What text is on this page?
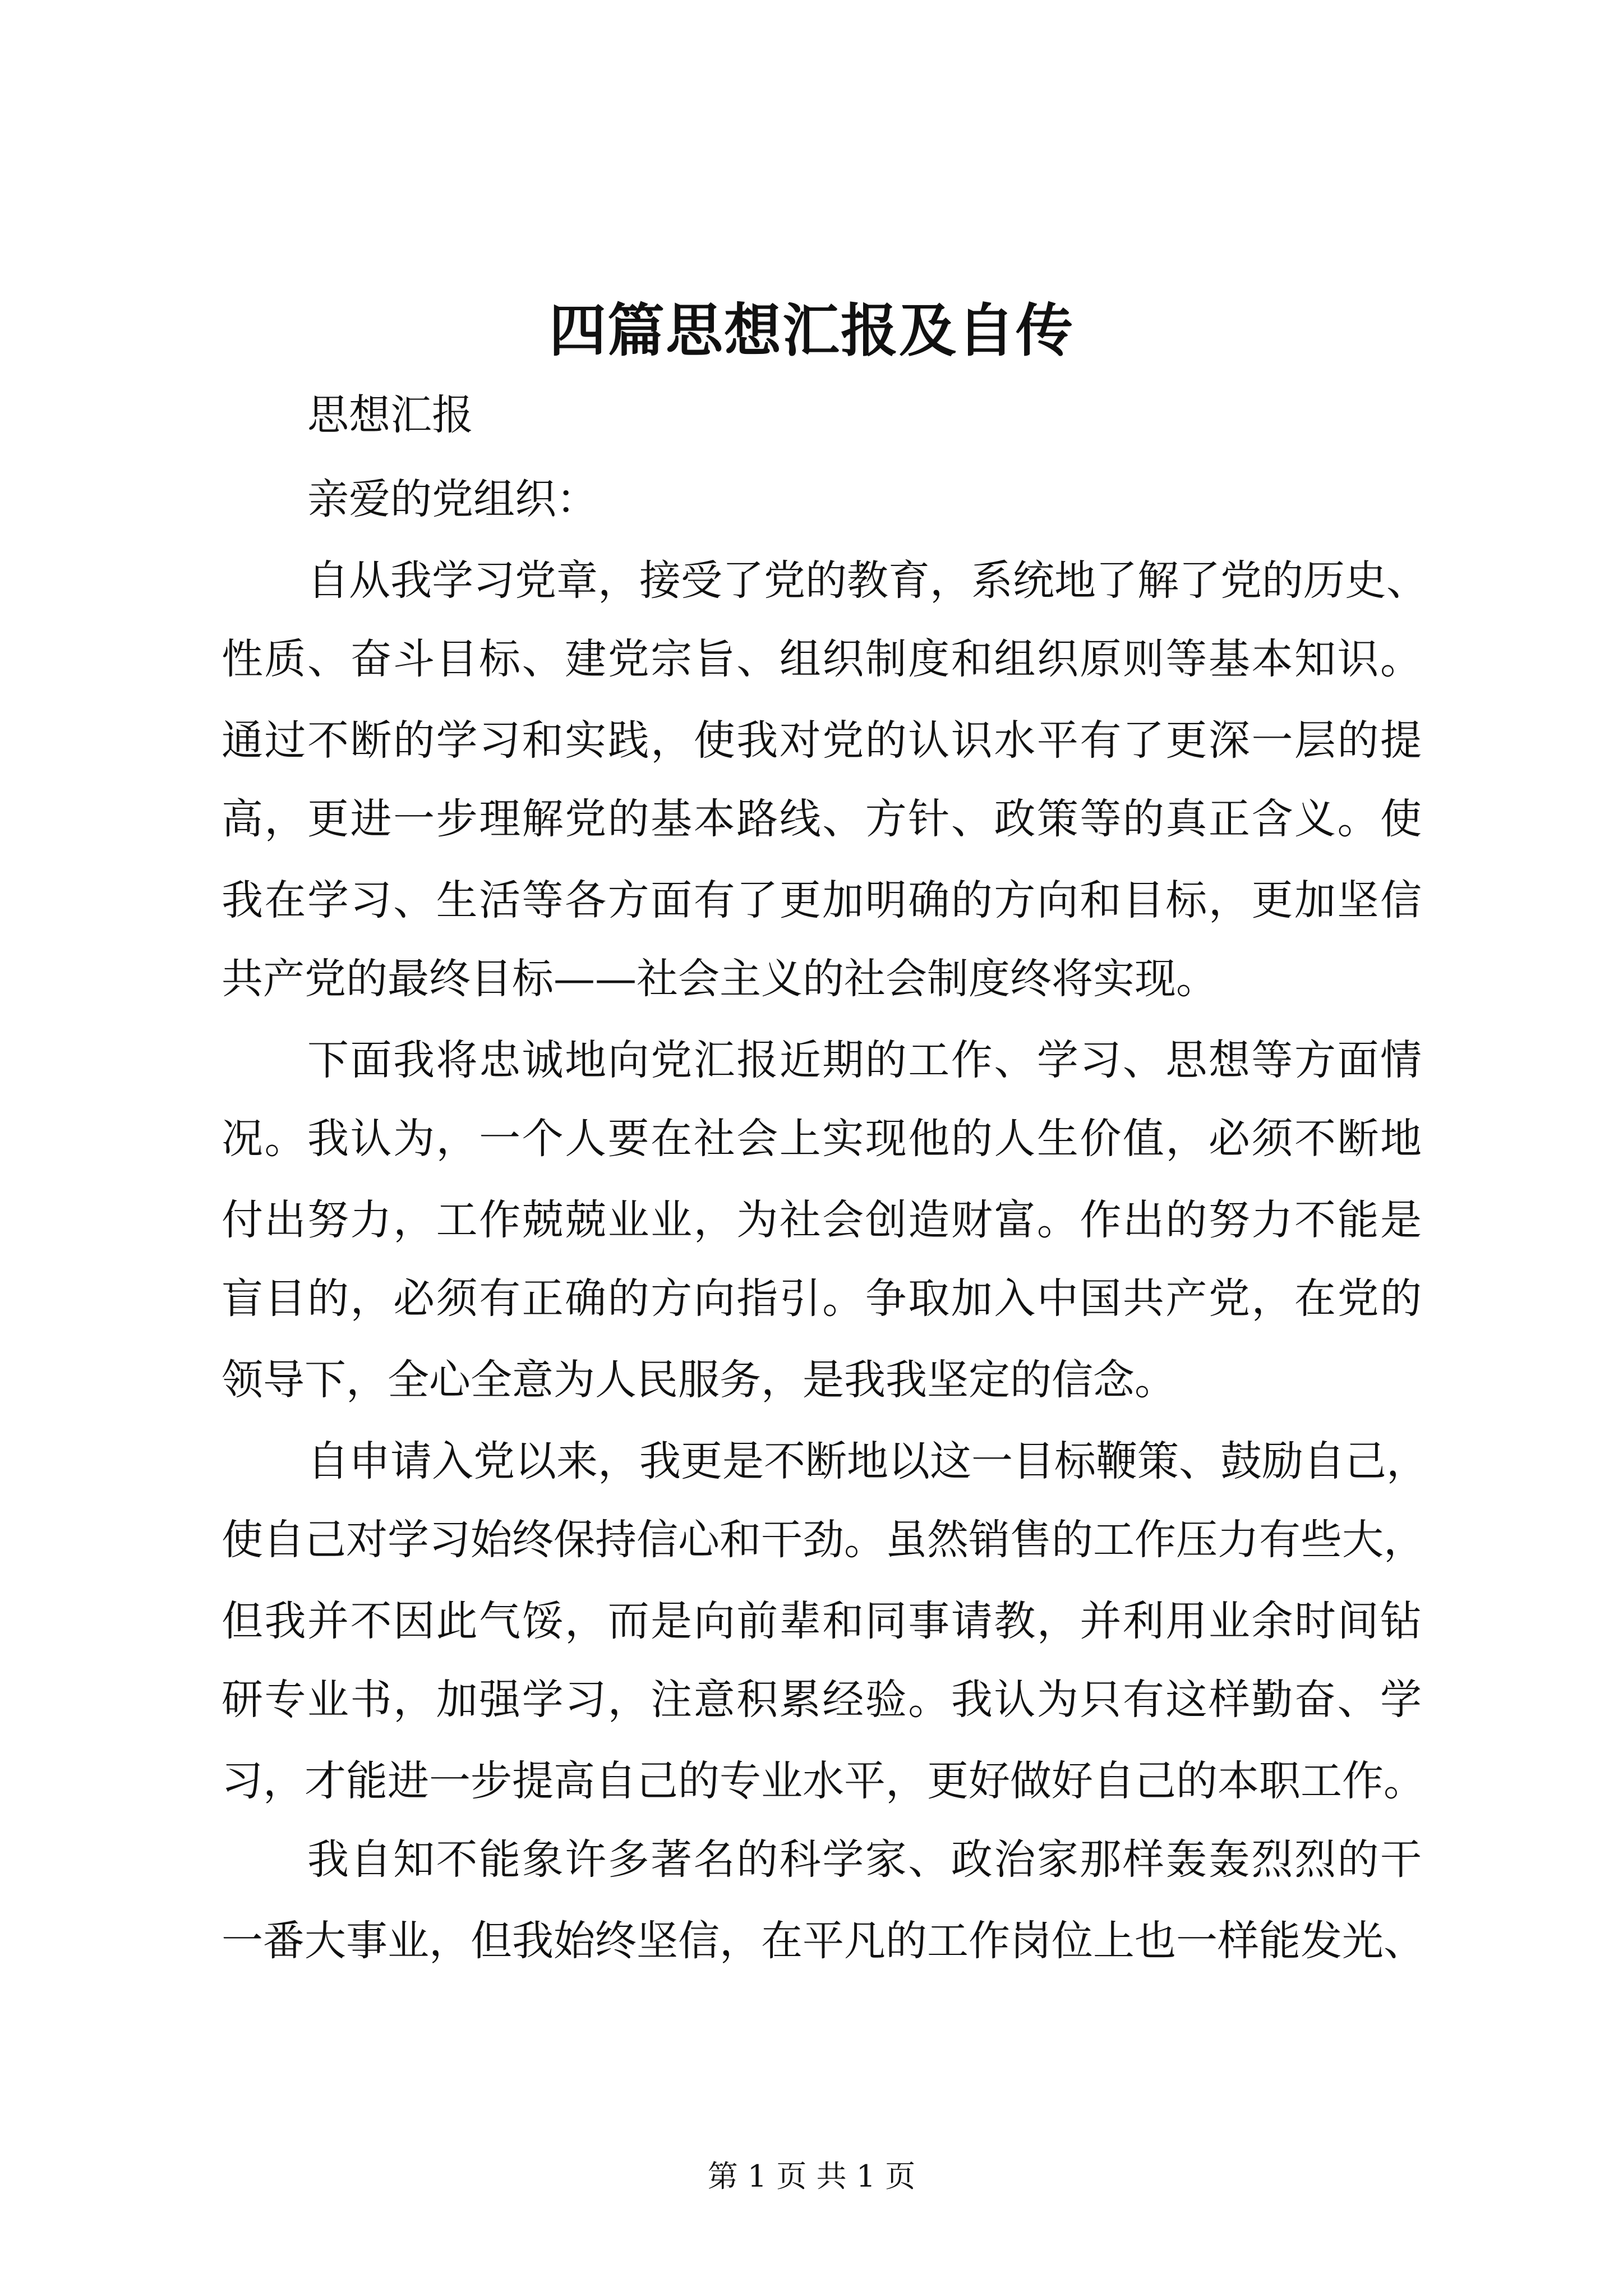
四篇思想汇报及自传
思想汇报
亲爱的党组织：
自从我学习党章，接受了党的教育，系统地了解了党的历史、
性质、奋斗目标、建党宗旨、组织制度和组织原则等基本知识。
通过不断的学习和实践，使我对党的认识水平有了更深一层的提
高，更进一步理解党的基本路线、方针、政策等的真正含义。使
我在学习、生活等各方面有了更加明确的方向和目标，更加坚信
共产党的最终目标——社会主义的社会制度终将实现。
下面我将忠诚地向党汇报近期的工作、学习、思想等方面情
况。我认为，一个人要在社会上实现他的人生价值，必须不断地
付出努力，工作兢兢业业，为社会创造财富。作出的努力不能是
盲目的，必须有正确的方向指引。争取加入中国共产党，在党的
领导下，全心全意为人民服务，是我我坚定的信念。
自申请入党以来，我更是不断地以这一目标鞭策、鼓励自己，
使自己对学习始终保持信心和干劲。虽然销售的工作压力有些大，
但我并不因此气馁，而是向前辈和同事请教，并利用业余时间钻
研专业书，加强学习，注意积累经验。我认为只有这样勤奋、学
习，才能进一步提高自己的专业水平，更好做好自己的本职工作。
我自知不能象许多著名的科学家、政治家那样轰轰烈烈的干
一番大事业，但我始终坚信，在平凡的工作岗位上也一样能发光、
第 1 页 共 1 页
